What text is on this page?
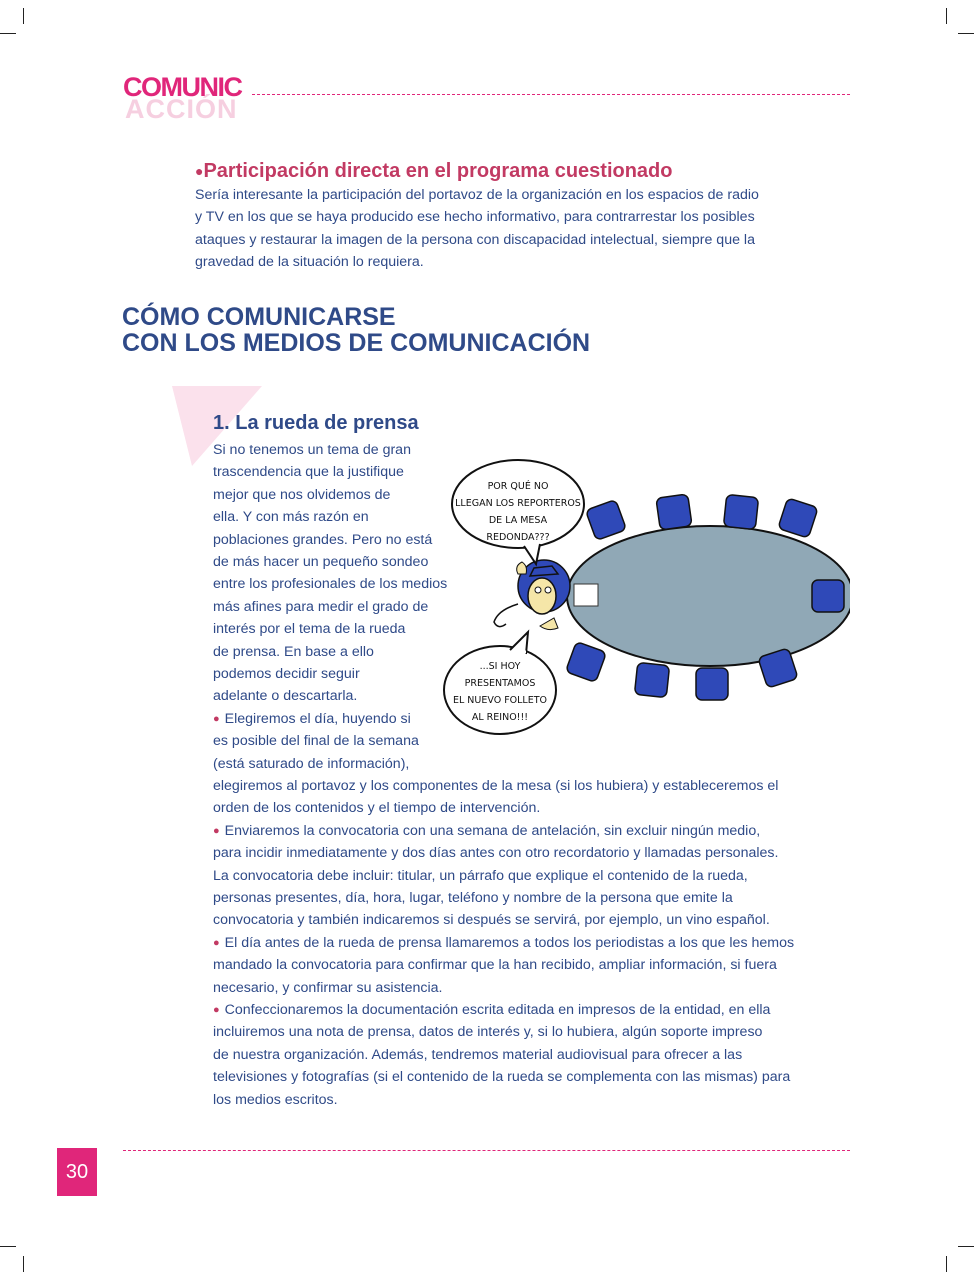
ACCIÓN
COMUNIC
●Participación directa en el programa cuestionado
Sería interesante la participación del portavoz de la organización en los espacios de radio
y TV en los que se haya producido ese hecho informativo, para contrarrestar los posibles
ataques y restaurar la imagen de la persona con discapacidad intelectual, siempre que la
gravedad de la situación lo requiera.
CÓMO COMUNICARSE
CON LOS MEDIOS DE COMUNICACIÓN
1. La rueda de prensa
Si no tenemos un tema de gran
trascendencia que la justifique
mejor que nos olvidemos de
ella. Y con más razón en
poblaciones grandes. Pero no está
de más hacer un pequeño sondeo
entre los profesionales de los medios
más afines para medir el grado de
interés por el tema de la rueda
de prensa. En base a ello
podemos decidir seguir
adelante o descartarla.
● Elegiremos el día, huyendo si
es posible del final de la semana
(está saturado de información),
elegiremos al portavoz y los componentes de la mesa (si los hubiera) y estableceremos el
orden de los contenidos y el tiempo de intervención.
● Enviaremos la convocatoria con una semana de antelación, sin excluir ningún medio,
para incidir inmediatamente y dos días antes con otro recordatorio y llamadas personales.
La convocatoria debe incluir: titular, un párrafo que explique el contenido de la rueda,
personas presentes, día, hora, lugar, teléfono y nombre de la persona que emite la
convocatoria y también indicaremos si después se servirá, por ejemplo, un vino español.
● El día antes de la rueda de prensa llamaremos a todos los periodistas a los que les hemos
mandado la convocatoria para confirmar que la han recibido, ampliar información, si fuera
necesario, y confirmar su asistencia.
● Confeccionaremos la documentación escrita editada en impresos de la entidad, en ella
incluiremos una nota de prensa, datos de interés y, si lo hubiera, algún soporte impreso
de nuestra organización. Además, tendremos material audiovisual para ofrecer a las
televisiones y fotografías (si el contenido de la rueda se complementa con las mismas) para
los medios escritos.
POR QUÉ NO
LLEGAN LOS REPORTEROS
DE LA MESA
REDONDA???
...SI HOY
PRESENTAMOS
EL NUEVO FOLLETO
AL REINO!!!
30
